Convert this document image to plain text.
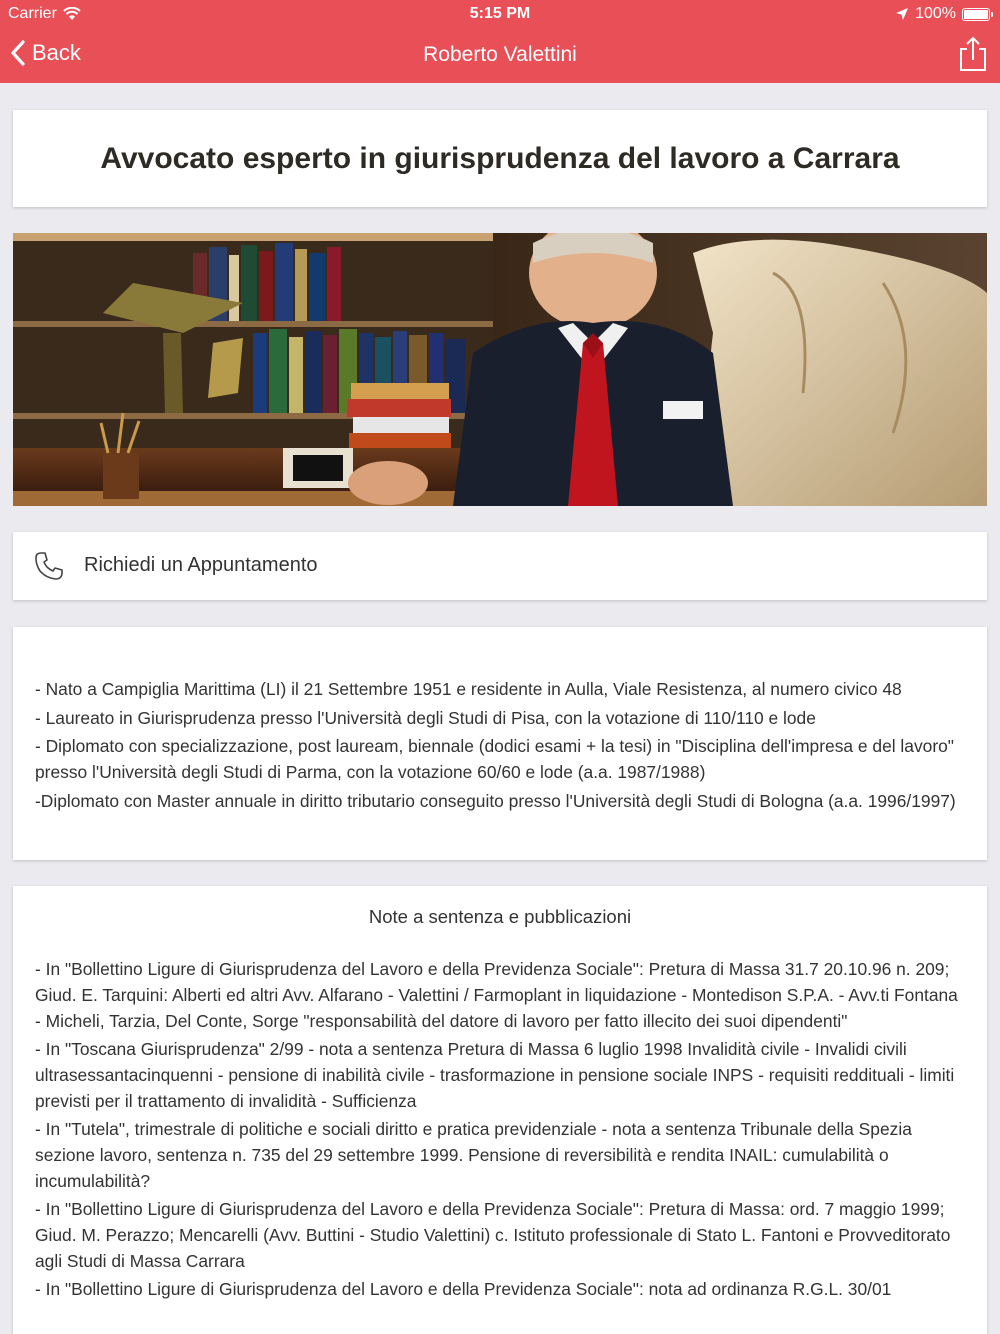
Carrier	5:15 PM	100%
Back	Roberto Valettini
Avvocato esperto in giurisprudenza del lavoro a Carrara
Richiedi un Appuntamento
- Nato a Campiglia Marittima (LI) il 21 Settembre 1951 e residente in Aulla, Viale Resistenza, al numero civico 48
- Laureato in Giurisprudenza presso l'Università degli Studi di Pisa, con la votazione di 110/110 e lode
- Diplomato con specializzazione, post lauream, biennale (dodici esami + la tesi) in "Disciplina dell'impresa e del lavoro" presso l'Università degli Studi di Parma, con la votazione 60/60 e lode (a.a. 1987/1988)
-Diplomato con Master annuale in diritto tributario conseguito presso l'Università degli Studi di Bologna (a.a. 1996/1997)
Note a sentenza e pubblicazioni
- In "Bollettino Ligure di Giurisprudenza del Lavoro e della Previdenza Sociale": Pretura di Massa 31.7 20.10.96 n. 209; Giud. E. Tarquini: Alberti ed altri Avv. Alfarano - Valettini / Farmoplant in liquidazione - Montedison S.P.A. - Avv.ti Fontana - Micheli, Tarzia, Del Conte, Sorge "responsabilità del datore di lavoro per fatto illecito dei suoi dipendenti"
- In "Toscana Giurisprudenza" 2/99 - nota a sentenza Pretura di Massa 6 luglio 1998 Invalidità civile - Invalidi civili ultrasessantacinquenni - pensione di inabilità civile - trasformazione in pensione sociale INPS - requisiti reddituali - limiti previsti per il trattamento di invalidità - Sufficienza
- In "Tutela", trimestrale di politiche e sociali diritto e pratica previdenziale - nota a sentenza Tribunale della Spezia sezione lavoro, sentenza n. 735 del 29 settembre 1999. Pensione di reversibilità e rendita INAIL: cumulabilità o incumulabilità?
- In "Bollettino Ligure di Giurisprudenza del Lavoro e della Previdenza Sociale": Pretura di Massa: ord. 7 maggio 1999; Giud. M. Perazzo; Mencarelli (Avv. Buttini - Studio Valettini) c. Istituto professionale di Stato L. Fantoni e Provveditorato agli Studi di Massa Carrara
- In "Bollettino Ligure di Giurisprudenza del Lavoro e della Previdenza Sociale": nota ad ordinanza R.G.L. 30/01
